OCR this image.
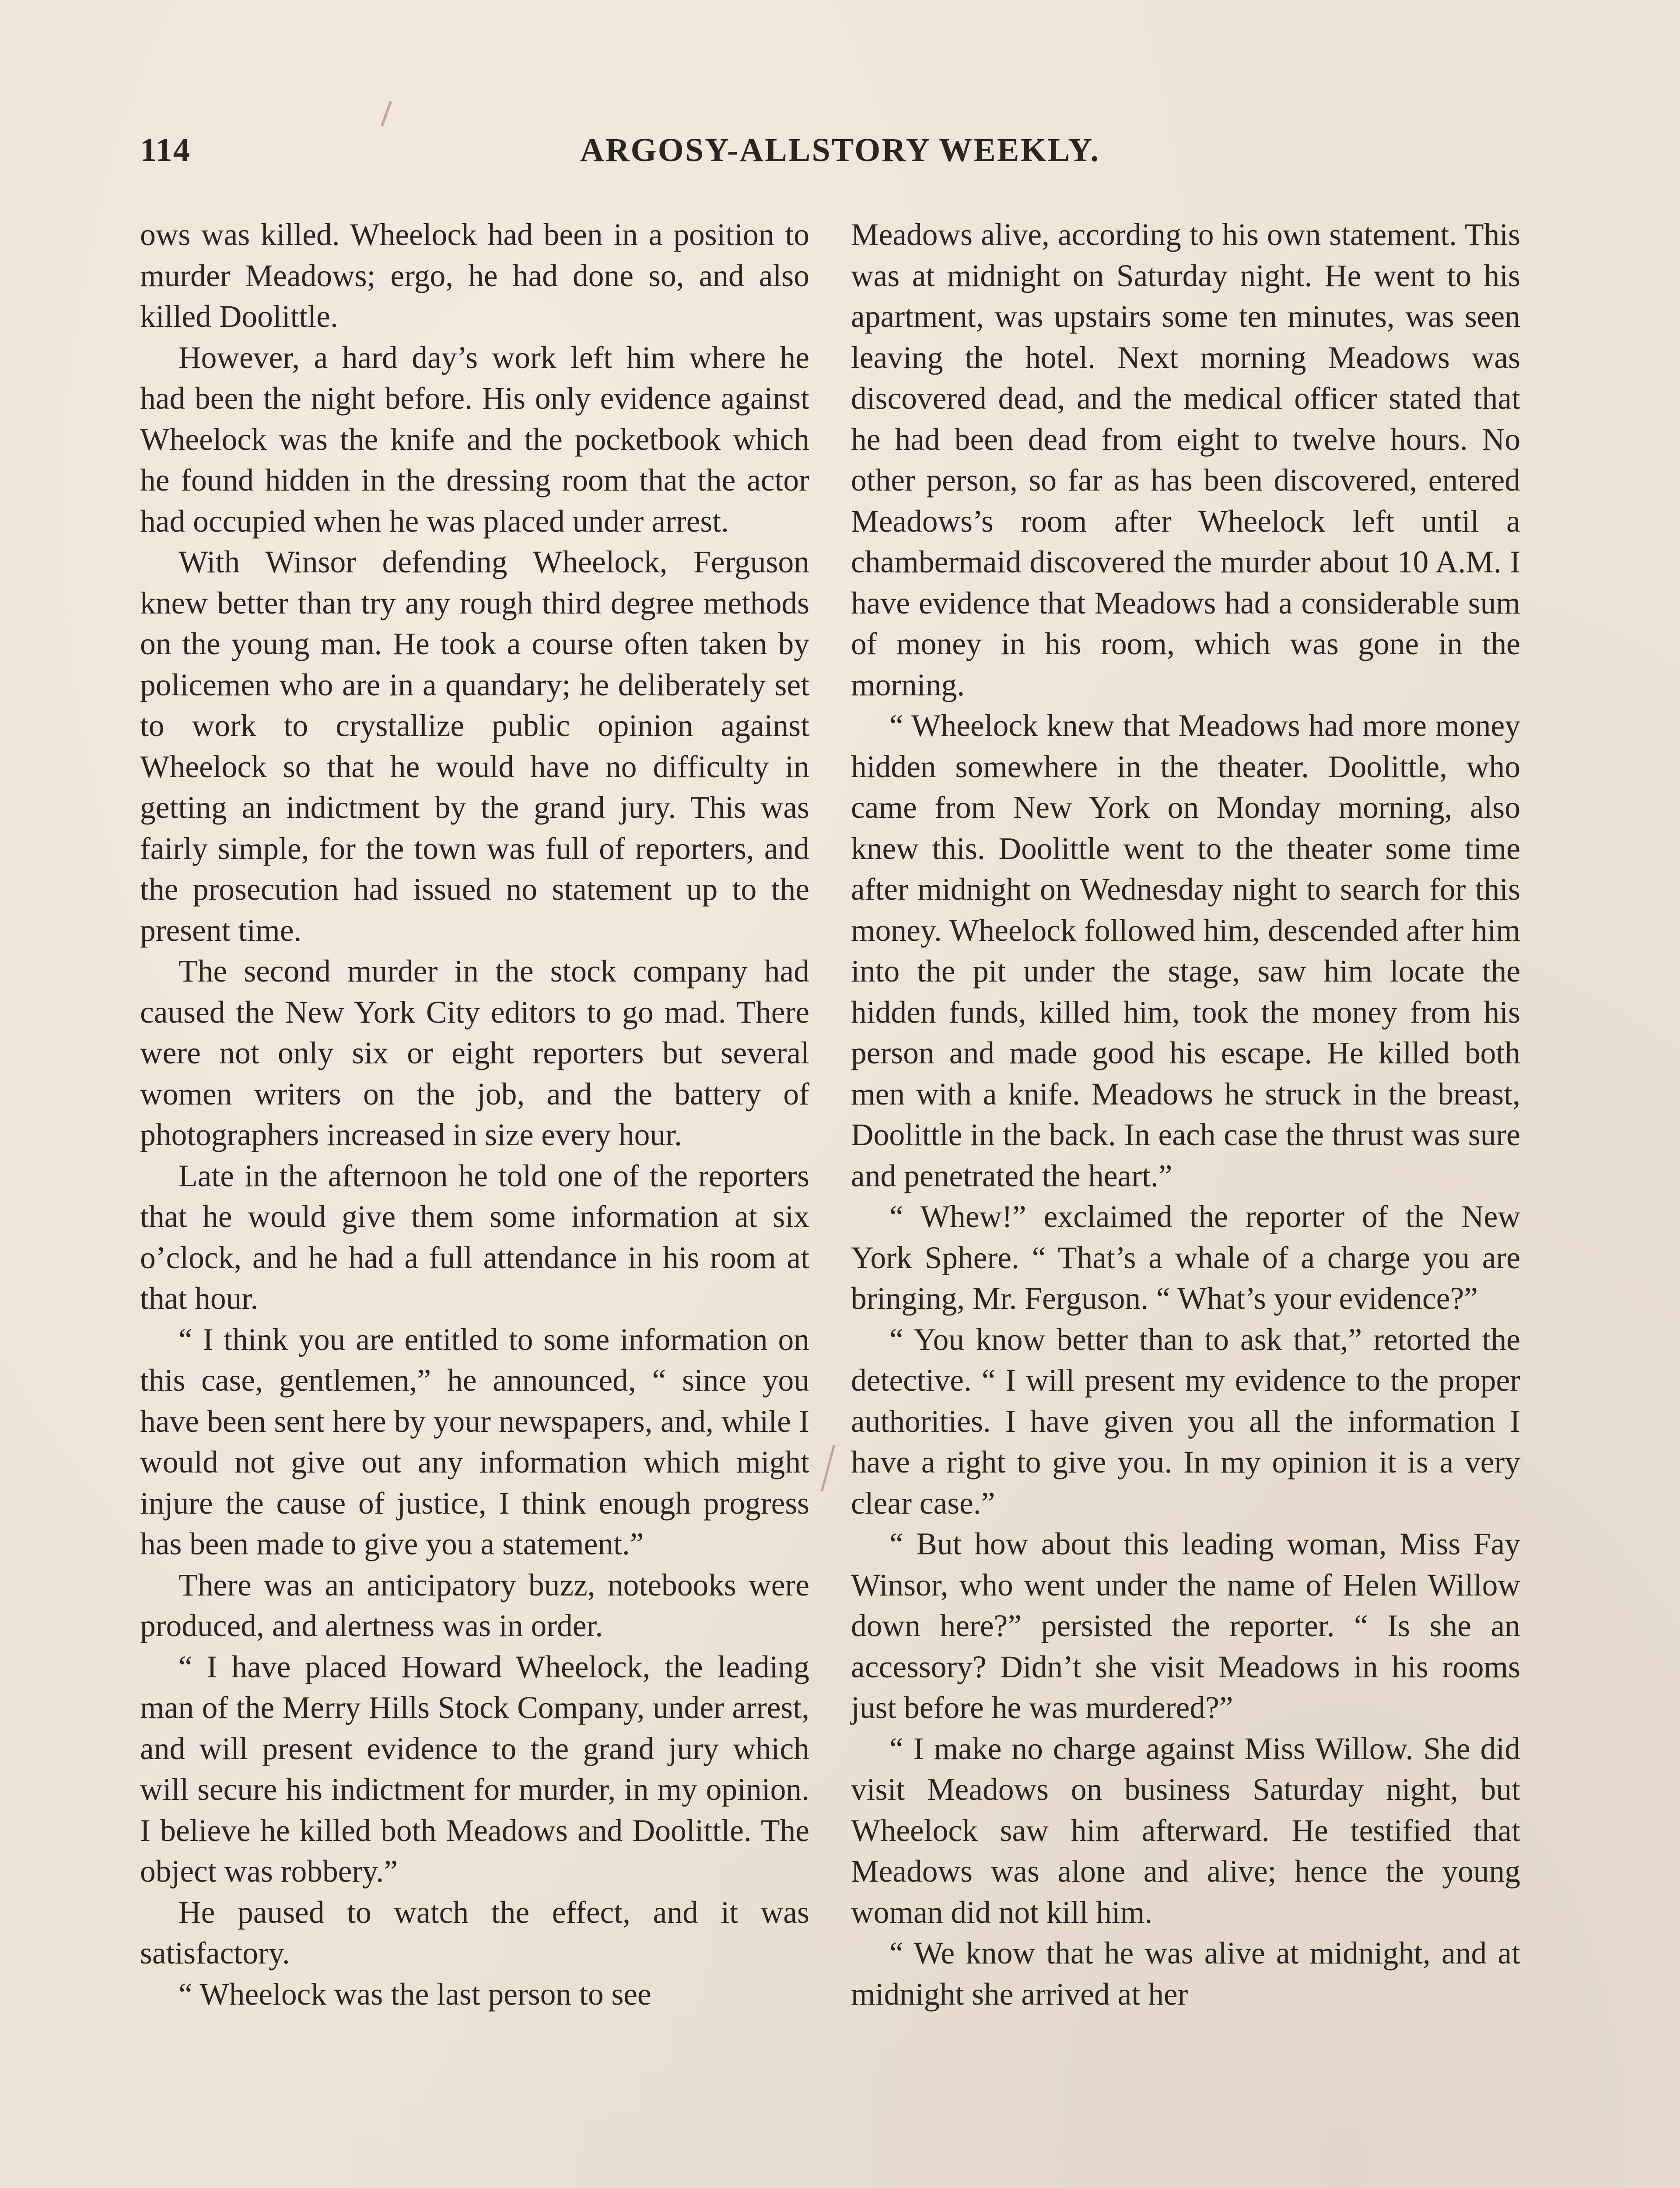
114	ARGOSY-ALLSTORY WEEKLY.

ows was killed. Wheelock had been in a position to murder Meadows; ergo, he had done so, and also killed Doolittle.

However, a hard day’s work left him where he had been the night before. His only evidence against Wheelock was the knife and the pocketbook which he found hidden in the dressing room that the actor had occupied when he was placed under arrest.

With Winsor defending Wheelock, Ferguson knew better than try any rough third degree methods on the young man. He took a course often taken by policemen who are in a quandary; he deliberately set to work to crystallize public opinion against Wheelock so that he would have no difficulty in getting an indictment by the grand jury. This was fairly simple, for the town was full of reporters, and the prosecution had issued no statement up to the present time.

The second murder in the stock company had caused the New York City editors to go mad. There were not only six or eight reporters but several women writers on the job, and the battery of photographers increased in size every hour.

Late in the afternoon he told one of the reporters that he would give them some information at six o’clock, and he had a full attendance in his room at that hour.

“ I think you are entitled to some information on this case, gentlemen,” he announced, “ since you have been sent here by your newspapers, and, while I would not give out any information which might injure the cause of justice, I think enough progress has been made to give you a statement.”

There was an anticipatory buzz, notebooks were produced, and alertness was in order.

“ I have placed Howard Wheelock, the leading man of the Merry Hills Stock Company, under arrest, and will present evidence to the grand jury which will secure his indictment for murder, in my opinion. I believe he killed both Meadows and Doolittle. The object was robbery.”

He paused to watch the effect, and it was satisfactory.

“ Wheelock was the last person to see

Meadows alive, according to his own statement. This was at midnight on Saturday night. He went to his apartment, was upstairs some ten minutes, was seen leaving the hotel. Next morning Meadows was discovered dead, and the medical officer stated that he had been dead from eight to twelve hours. No other person, so far as has been discovered, entered Meadows’s room after Wheelock left until a chambermaid discovered the murder about 10 A.M. I have evidence that Meadows had a considerable sum of money in his room, which was gone in the morning.

“ Wheelock knew that Meadows had more money hidden somewhere in the theater. Doolittle, who came from New York on Monday morning, also knew this. Doolittle went to the theater some time after midnight on Wednesday night to search for this money. Wheelock followed him, descended after him into the pit under the stage, saw him locate the hidden funds, killed him, took the money from his person and made good his escape. He killed both men with a knife. Meadows he struck in the breast, Doolittle in the back. In each case the thrust was sure and penetrated the heart.”

“ Whew!” exclaimed the reporter of the New York Sphere. “ That’s a whale of a charge you are bringing, Mr. Ferguson. “ What’s your evidence?”

“ You know better than to ask that,” retorted the detective. “ I will present my evidence to the proper authorities. I have given you all the information I have a right to give you. In my opinion it is a very clear case.”

“ But how about this leading woman, Miss Fay Winsor, who went under the name of Helen Willow down here?” persisted the reporter. “ Is she an accessory? Didn’t she visit Meadows in his rooms just before he was murdered?”

“ I make no charge against Miss Willow. She did visit Meadows on business Saturday night, but Wheelock saw him afterward. He testified that Meadows was alone and alive; hence the young woman did not kill him.

“ We know that he was alive at midnight, and at midnight she arrived at her
